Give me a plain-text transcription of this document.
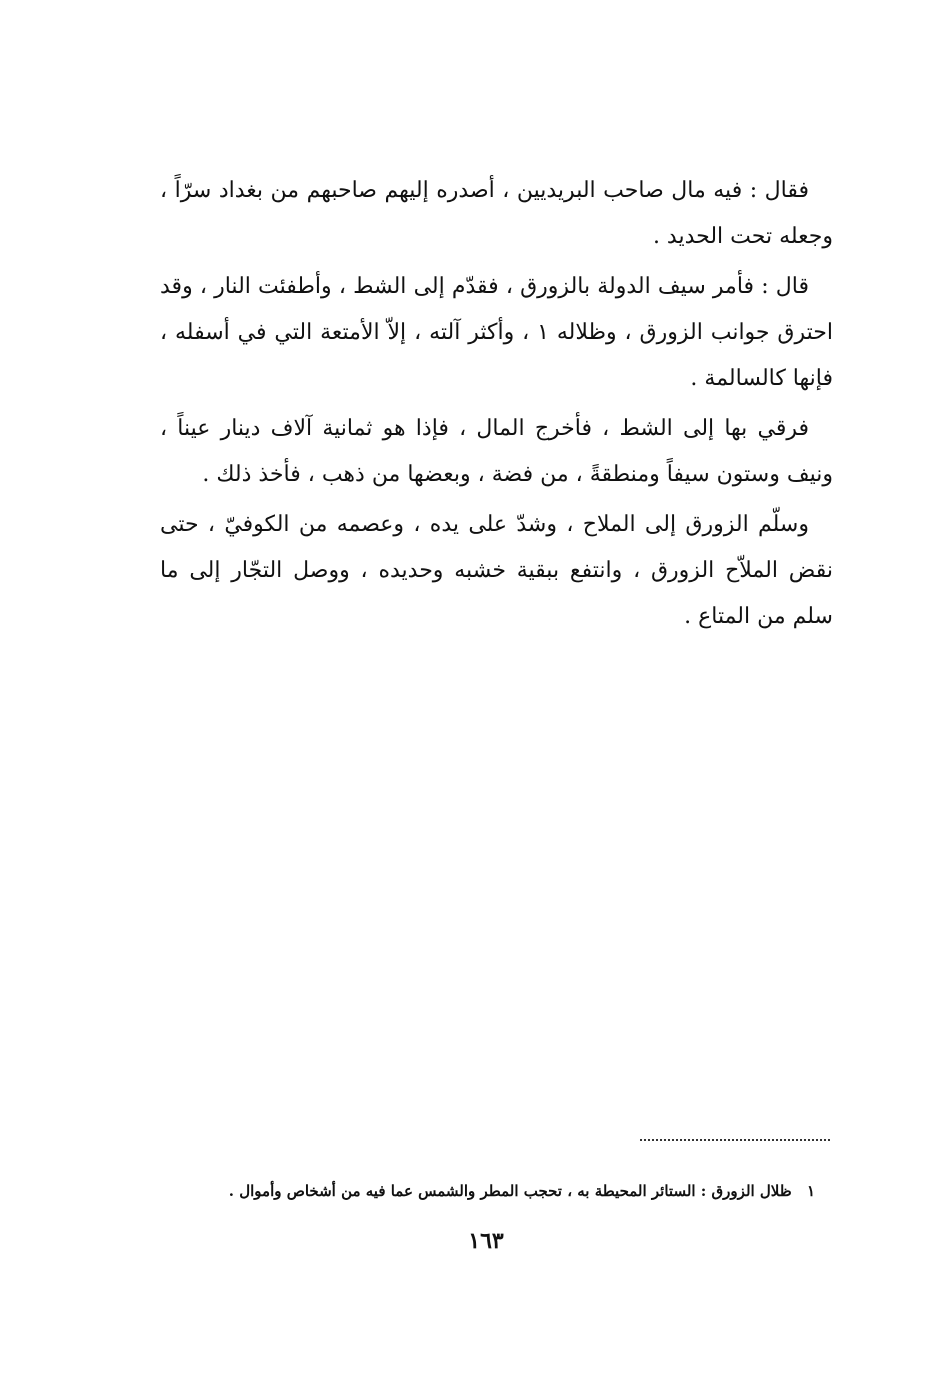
فقال : فيه مال صاحب البريديين ، أصدره إليهم صاحبهم من بغداد سرّاً ، وجعله تحت الحديد .

قال : فأمر سيف الدولة بالزورق ، فقدّم إلى الشط ، وأطفئت النار ، وقد احترق جوانب الزورق ، وظلاله ١ ، وأكثر آلته ، إلاّ الأمتعة التي في أسفله ، فإنها كالسالمة .

فرقي بها إلى الشط ، فأخرج المال ، فإذا هو ثمانية آلاف دينار عيناً ، ونيف وستون سيفاً ومنطقةً ، من فضة ، وبعضها من ذهب ، فأخذ ذلك .

وسلّم الزورق إلى الملاح ، وشدّ على يده ، وعصمه من الكوفيّ ، حتى نقض الملاّح الزورق ، وانتفع ببقية خشبه وحديده ، ووصل التجّار إلى ما سلم من المتاع .

١ ظلال الزورق : الستائر المحيطة به ، تحجب المطر والشمس عما فيه من أشخاص وأموال .
١٦٣
